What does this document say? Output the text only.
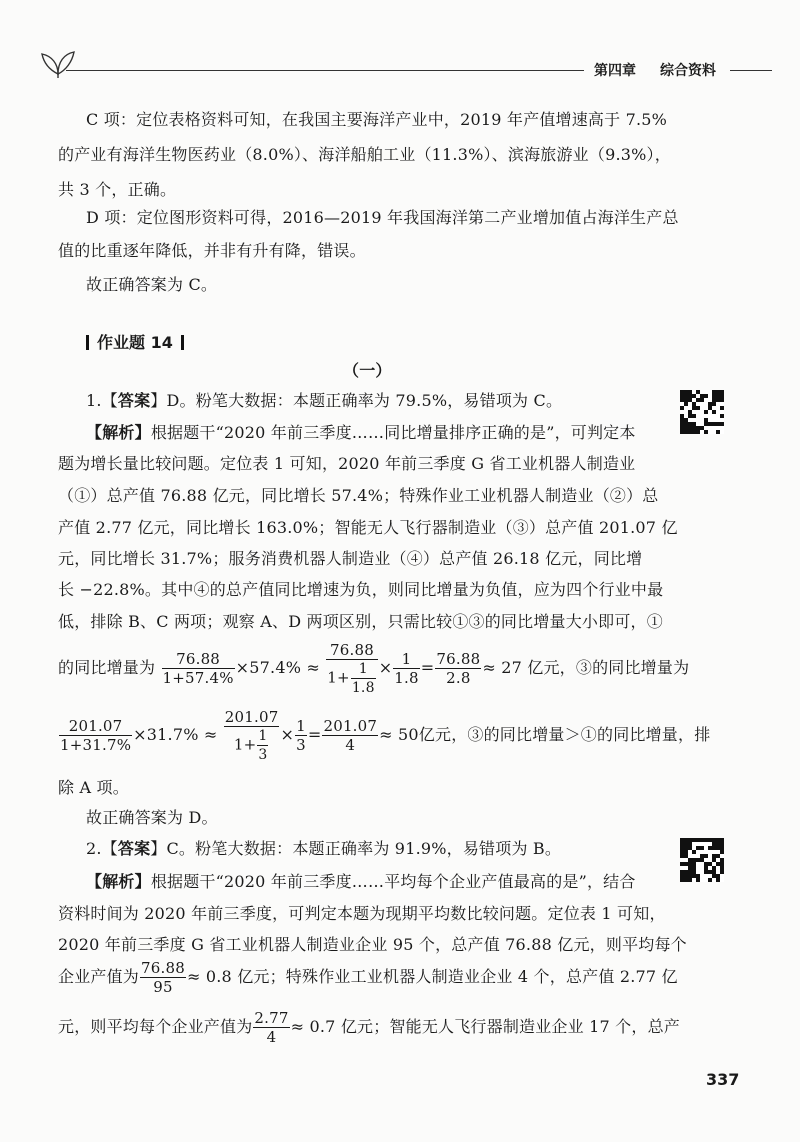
第四章 综合资料
C 项：定位表格资料可知，在我国主要海洋产业中，2019 年产值增速高于 7.5%
的产业有海洋生物医药业（8.0%）、海洋船舶工业（11.3%）、滨海旅游业（9.3%），
共 3 个，正确。
D 项：定位图形资料可得，2016—2019 年我国海洋第二产业增加值占海洋生产总
值的比重逐年降低，并非有升有降，错误。
故正确答案为 C。
作业题 14
（一）
1.【答案】D。粉笔大数据：本题正确率为 79.5%，易错项为 C。
【解析】根据题干“2020 年前三季度……同比增量排序正确的是”，可判定本
题为增长量比较问题。定位表 1 可知，2020 年前三季度 G 省工业机器人制造业
（①）总产值 76.88 亿元，同比增长 57.4%；特殊作业工业机器人制造业（②）总
产值 2.77 亿元，同比增长 163.0%；智能无人飞行器制造业（③）总产值 201.07 亿
元，同比增长 31.7%；服务消费机器人制造业（④）总产值 26.18 亿元，同比增
长 −22.8%。其中④的总产值同比增速为负，则同比增量为负值，应为四个行业中最
低，排除 B、C 两项；观察 A、D 两项区别，只需比较①③的同比增量大小即可，①
的同比增量为 $\frac{76.88}{1+57.4\%} \times 57.4\% \approx \frac{76.88}{1+ \frac{1}{1.8}} \times \frac{1}{1.8} = \frac{76.88}{2.8} \approx 27$ 亿元，③的同比增量为
$\frac{201.07}{1+31.7\%} \times 31.7\% \approx \frac{201.07}{1+ \frac{1}{3}} \times \frac{1}{3} = \frac{201.07}{4} \approx 50$亿元，③的同比增量＞①的同比增量，排
除 A 项。
故正确答案为 D。
2.【答案】C。粉笔大数据：本题正确率为 91.9%，易错项为 B。
【解析】根据题干“2020 年前三季度……平均每个企业产值最高的是”，结合
资料时间为 2020 年前三季度，可判定本题为现期平均数比较问题。定位表 1 可知，
2020 年前三季度 G 省工业机器人制造业企业 95 个，总产值 76.88 亿元，则平均每个
企业产值为 $\frac{76.88}{95} \approx 0.8$ 亿元；特殊作业工业机器人制造业企业 4 个，总产值 2.77 亿
元，则平均每个企业产值为 $\frac{2.77}{4} \approx 0.7$ 亿元；智能无人飞行器制造业企业 17 个，总产
337
